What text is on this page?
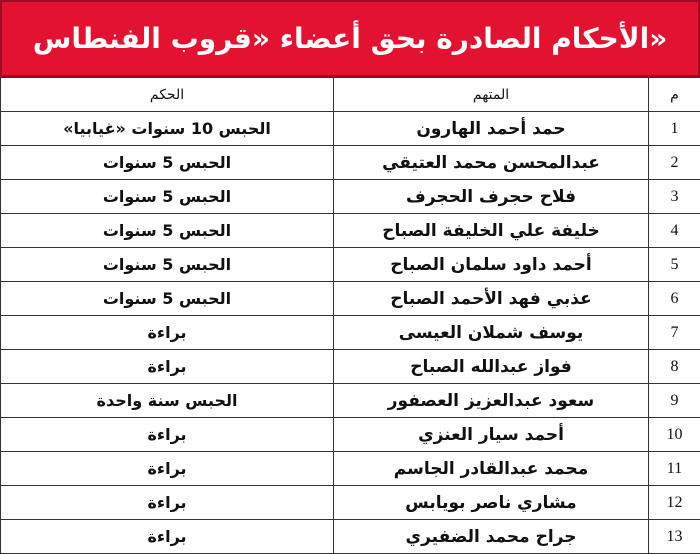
الأحكام الصادرة بحق أعضاء «قروب الفنطاس»
م	المتهم	الحكم
1	حمد أحمد الهارون	الحبس 10 سنوات «غيابيا»
2	عبدالمحسن محمد العتيقي	الحبس 5 سنوات
3	فلاح حجرف الحجرف	الحبس 5 سنوات
4	خليفة علي الخليفة الصباح	الحبس 5 سنوات
5	أحمد داود سلمان الصباح	الحبس 5 سنوات
6	عذبي فهد الأحمد الصباح	الحبس 5 سنوات
7	يوسف شملان العيسى	براءة
8	فواز عبدالله الصباح	براءة
9	سعود عبدالعزيز العصفور	الحبس سنة واحدة
10	أحمد سيار العنزي	براءة
11	محمد عبدالقادر الجاسم	براءة
12	مشاري ناصر بويابس	براءة
13	جراح محمد الضفيري	براءة
